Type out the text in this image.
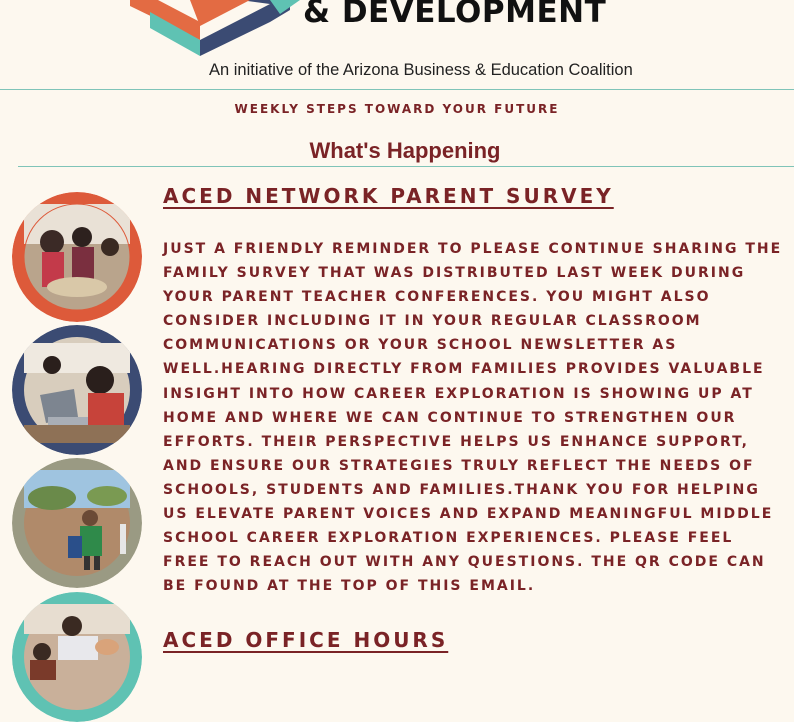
& DEVELOPMENT
An initiative of the Arizona Business & Education Coalition
WEEKLY STEPS TOWARD YOUR FUTURE
What's Happening
ACED NETWORK PARENT SURVEY

JUST A FRIENDLY REMINDER TO PLEASE CONTINUE SHARING THE FAMILY SURVEY THAT WAS DISTRIBUTED LAST WEEK DURING YOUR PARENT TEACHER CONFERENCES. YOU MIGHT ALSO CONSIDER INCLUDING IT IN YOUR REGULAR CLASSROOM COMMUNICATIONS OR YOUR SCHOOL NEWSLETTER AS WELL.HEARING DIRECTLY FROM FAMILIES PROVIDES VALUABLE INSIGHT INTO HOW CAREER EXPLORATION IS SHOWING UP AT HOME AND WHERE WE CAN CONTINUE TO STRENGTHEN OUR EFFORTS. THEIR PERSPECTIVE HELPS US ENHANCE SUPPORT, AND ENSURE OUR STRATEGIES TRULY REFLECT THE NEEDS OF SCHOOLS, STUDENTS AND FAMILIES.THANK YOU FOR HELPING US ELEVATE PARENT VOICES AND EXPAND MEANINGFUL MIDDLE SCHOOL CAREER EXPLORATION EXPERIENCES. PLEASE FEEL FREE TO REACH OUT WITH ANY QUESTIONS. THE QR CODE CAN BE FOUND AT THE TOP OF THIS EMAIL.

ACED OFFICE HOURS
